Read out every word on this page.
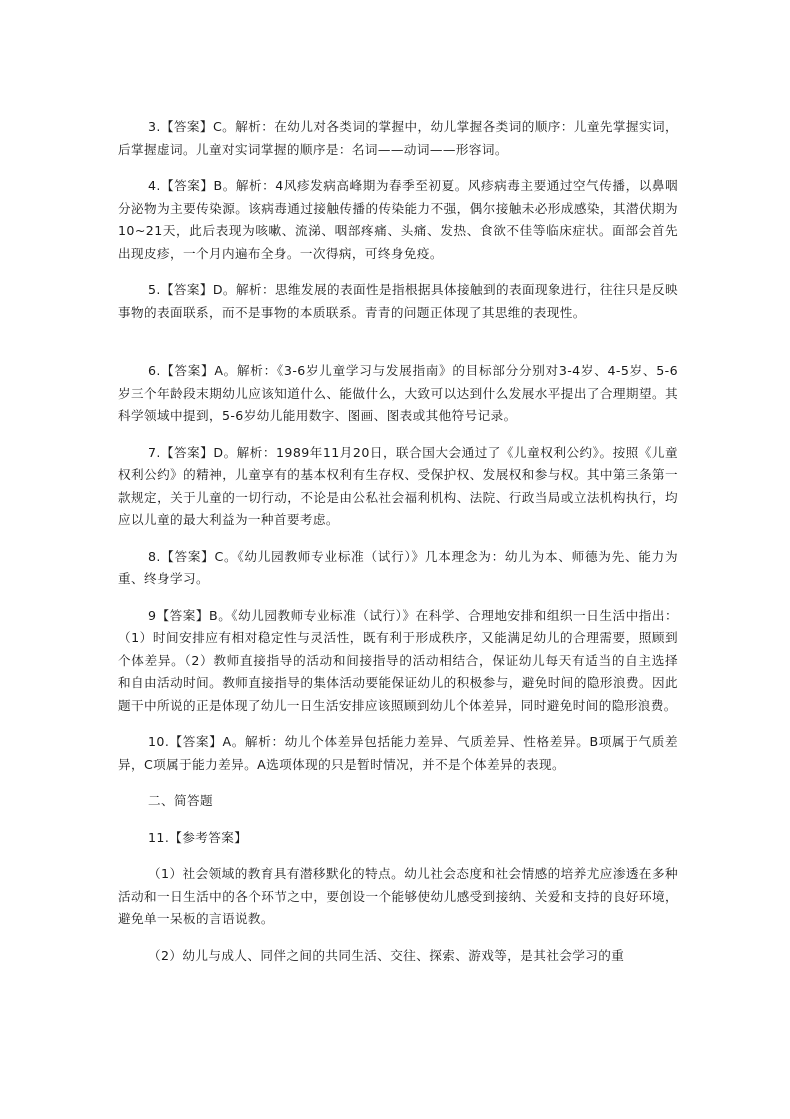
3.【答案】C。解析：在幼儿对各类词的掌握中，幼儿掌握各类词的顺序：儿童先掌握实词，后掌握虚词。儿童对实词掌握的顺序是：名词——动词——形容词。

4.【答案】B。解析：4风疹发病高峰期为春季至初夏。风疹病毒主要通过空气传播，以鼻咽分泌物为主要传染源。该病毒通过接触传播的传染能力不强，偶尔接触未必形成感染，其潜伏期为10~21天，此后表现为咳嗽、流涕、咽部疼痛、头痛、发热、食欲不佳等临床症状。面部会首先出现皮疹，一个月内遍布全身。一次得病，可终身免疫。

5.【答案】D。解析：思维发展的表面性是指根据具体接触到的表面现象进行，往往只是反映事物的表面联系，而不是事物的本质联系。青青的问题正体现了其思维的表现性。

6.【答案】A。解析：《3-6岁儿童学习与发展指南》的目标部分分别对3-4岁、4-5岁、5-6岁三个年龄段末期幼儿应该知道什么、能做什么，大致可以达到什么发展水平提出了合理期望。其科学领域中提到，5-6岁幼儿能用数字、图画、图表或其他符号记录。

7.【答案】D。解析：1989年11月20日，联合国大会通过了《儿童权利公约》。按照《儿童权利公约》的精神，儿童享有的基本权利有生存权、受保护权、发展权和参与权。其中第三条第一款规定，关于儿童的一切行动，不论是由公私社会福利机构、法院、行政当局或立法机构执行，均应以儿童的最大利益为一种首要考虑。

8.【答案】C。《幼儿园教师专业标准（试行）》几本理念为：幼儿为本、师德为先、能力为重、终身学习。

9【答案】B。《幼儿园教师专业标准（试行）》在科学、合理地安排和组织一日生活中指出：（1）时间安排应有相对稳定性与灵活性，既有利于形成秩序，又能满足幼儿的合理需要，照顾到个体差异。（2）教师直接指导的活动和间接指导的活动相结合，保证幼儿每天有适当的自主选择和自由活动时间。教师直接指导的集体活动要能保证幼儿的积极参与，避免时间的隐形浪费。因此题干中所说的正是体现了幼儿一日生活安排应该照顾到幼儿个体差异，同时避免时间的隐形浪费。

10.【答案】A。解析：幼儿个体差异包括能力差异、气质差异、性格差异。B项属于气质差异，C项属于能力差异。A选项体现的只是暂时情况，并不是个体差异的表现。

二、简答题

11.【参考答案】

（1）社会领域的教育具有潜移默化的特点。幼儿社会态度和社会情感的培养尤应渗透在多种活动和一日生活中的各个环节之中，要创设一个能够使幼儿感受到接纳、关爱和支持的良好环境，避免单一呆板的言语说教。

（2）幼儿与成人、同伴之间的共同生活、交往、探索、游戏等，是其社会学习的重
